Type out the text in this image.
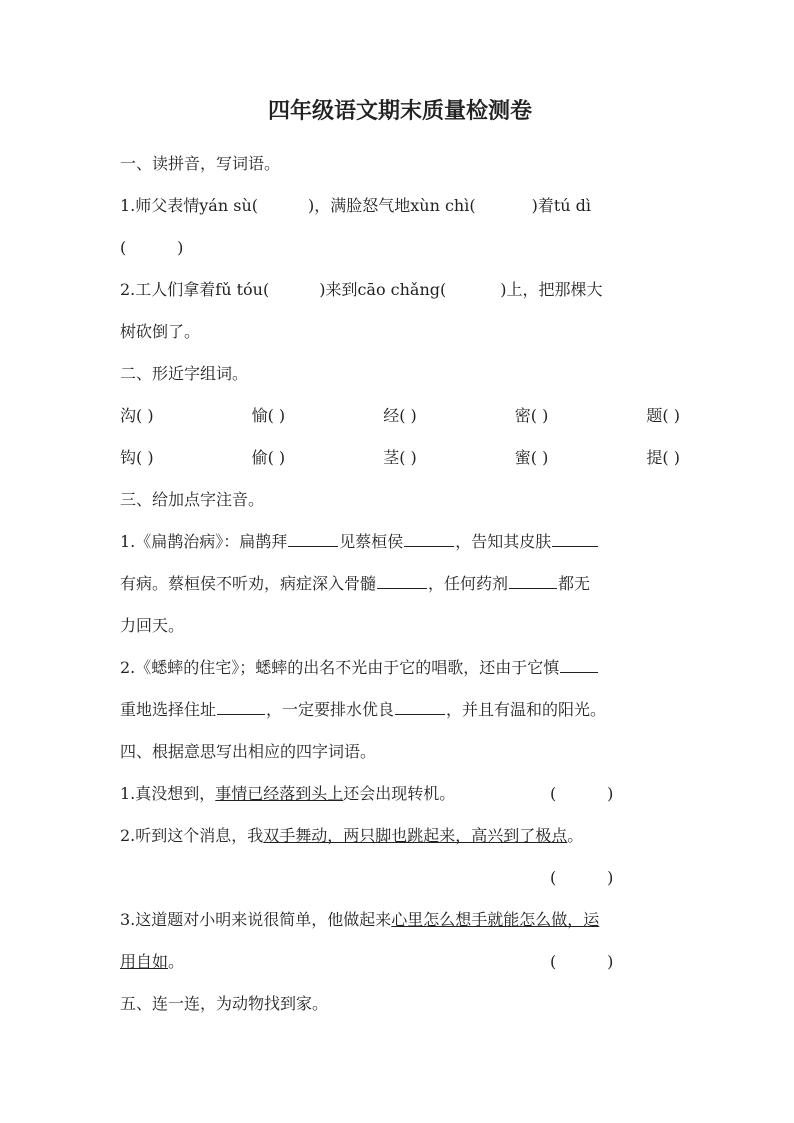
四年级语文期末质量检测卷
一、读拼音，写词语。
1.师父表情yán sù(	)，满脸怒气地xùn chì(	)着tú dì
(          )
2.工人们拿着fǔ tóu(	)来到cāo chǎng(	)上，把那棵大
树砍倒了。
二、形近字组词。
沟( )	愉( )	经( )	密( )	题( )
钩( )	偷( )	茎( )	蜜( )	提( )
三、给加点字注音。
1.《扁鹊治病》：扁鹊拜	见蔡桓侯	，告知其皮肤
有病。蔡桓侯不听劝，病症深入骨髓	，任何药剂	都无
力回天。
2.《蟋蟀的住宅》；蟋蟀的出名不光由于它的唱歌，还由于它慎
重地选择住址	，一定要排水优良	，并且有温和的阳光。
四、根据意思写出相应的四字词语。
1.真没想到，事情已经落到头上还会出现转机。	(          )
2.听到这个消息，我双手舞动，两只脚也跳起来，高兴到了极点。
(          )
3.这道题对小明来说很简单，他做起来心里怎么想手就能怎么做，运
用自如。	(          )
五、连一连，为动物找到家。
